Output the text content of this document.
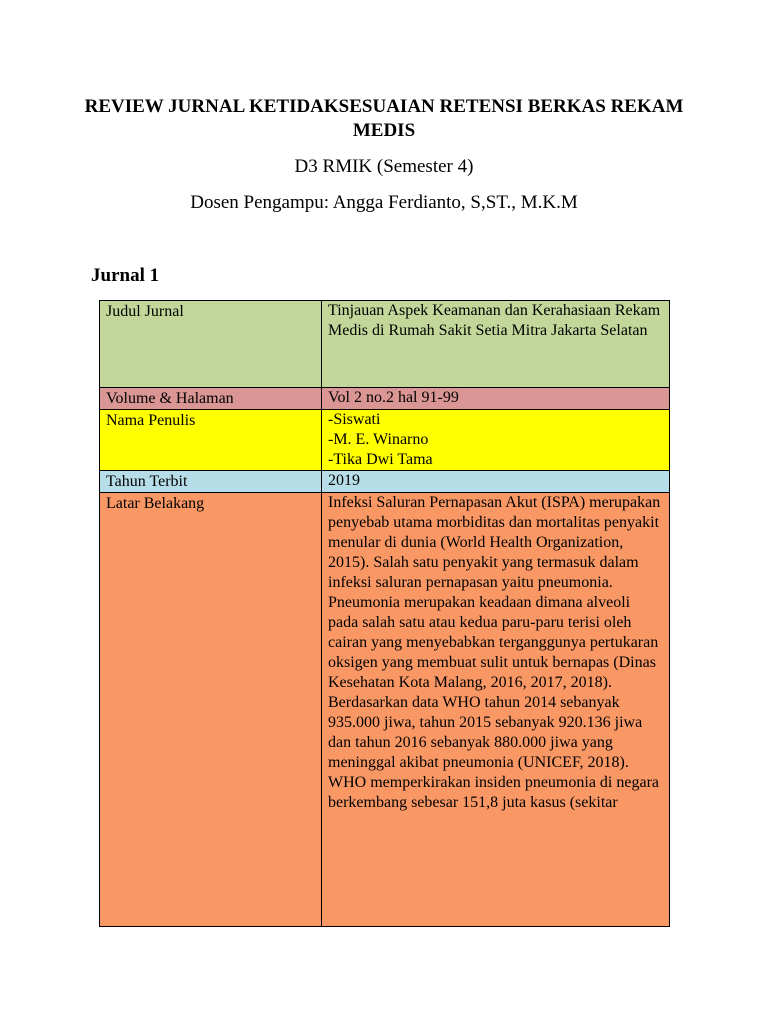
REVIEW JURNAL KETIDAKSESUAIAN RETENSI BERKAS REKAM MEDIS

D3 RMIK (Semester 4)

Dosen Pengampu: Angga Ferdianto, S,ST., M.K.M

Jurnal 1
Judul Jurnal	Tinjauan Aspek Keamanan dan Kerahasiaan Rekam Medis di Rumah Sakit Setia Mitra Jakarta Selatan
Volume & Halaman	Vol 2 no.2 hal 91-99
Nama Penulis	-Siswati
-M. E. Winarno
-Tika Dwi Tama

Tahun Terbit	2019
Latar Belakang	Infeksi Saluran Pernapasan Akut (ISPA) merupakan penyebab utama morbiditas dan mortalitas penyakit menular di dunia (World Health Organization, 2015). Salah satu penyakit yang termasuk dalam infeksi saluran pernapasan yaitu pneumonia. Pneumonia merupakan keadaan dimana alveoli pada salah satu atau kedua paru-paru terisi oleh cairan yang menyebabkan terganggunya pertukaran oksigen yang membuat sulit untuk bernapas (Dinas Kesehatan Kota Malang, 2016, 2017, 2018). Berdasarkan data WHO tahun 2014 sebanyak 935.000 jiwa, tahun 2015 sebanyak 920.136 jiwa dan tahun 2016 sebanyak 880.000 jiwa yang meninggal akibat pneumonia (UNICEF, 2018). WHO memperkirakan insiden pneumonia di negara berkembang sebesar 151,8 juta kasus (sekitar
